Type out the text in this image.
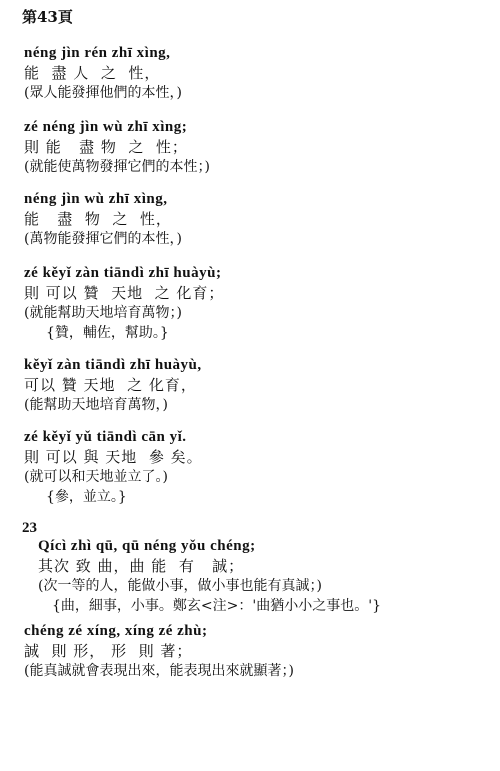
第43頁
néng jìn rén zhī xìng,
能  盡 人  之  性，
(眾人能發揮他們的本性，)
zé néng jìn wù zhī xìng;
則 能   盡 物  之  性；
(就能使萬物發揮它們的本性；)
néng jìn wù zhī xìng,
能   盡  物  之  性，
(萬物能發揮它們的本性，)
zé kěyǐ zàn tiāndì zhī huàyù;
則 可以 贊  天地  之 化育；
(就能幫助天地培育萬物；)
{贊，輔佐，幫助。}
kěyǐ zàn tiāndì zhī huàyù,
可以 贊 天地  之 化育，
(能幫助天地培育萬物，)
zé kěyǐ yǔ tiāndì cān yǐ.
則 可以 與 天地  參 矣。
(就可以和天地並立了。)
{參，並立。}
23
Qícì zhì qū, qū néng yǒu chéng;
其次 致 曲，曲 能  有   誠；
(次一等的人，能做小事，做小事也能有真誠；)
{曲，細事，小事。鄭玄<注>：'曲猶小小之事也。'}
chéng zé xíng, xíng zé zhù;
誠  則 形， 形  則 著；
(能真誠就會表現出來，能表現出來就顯著；)
